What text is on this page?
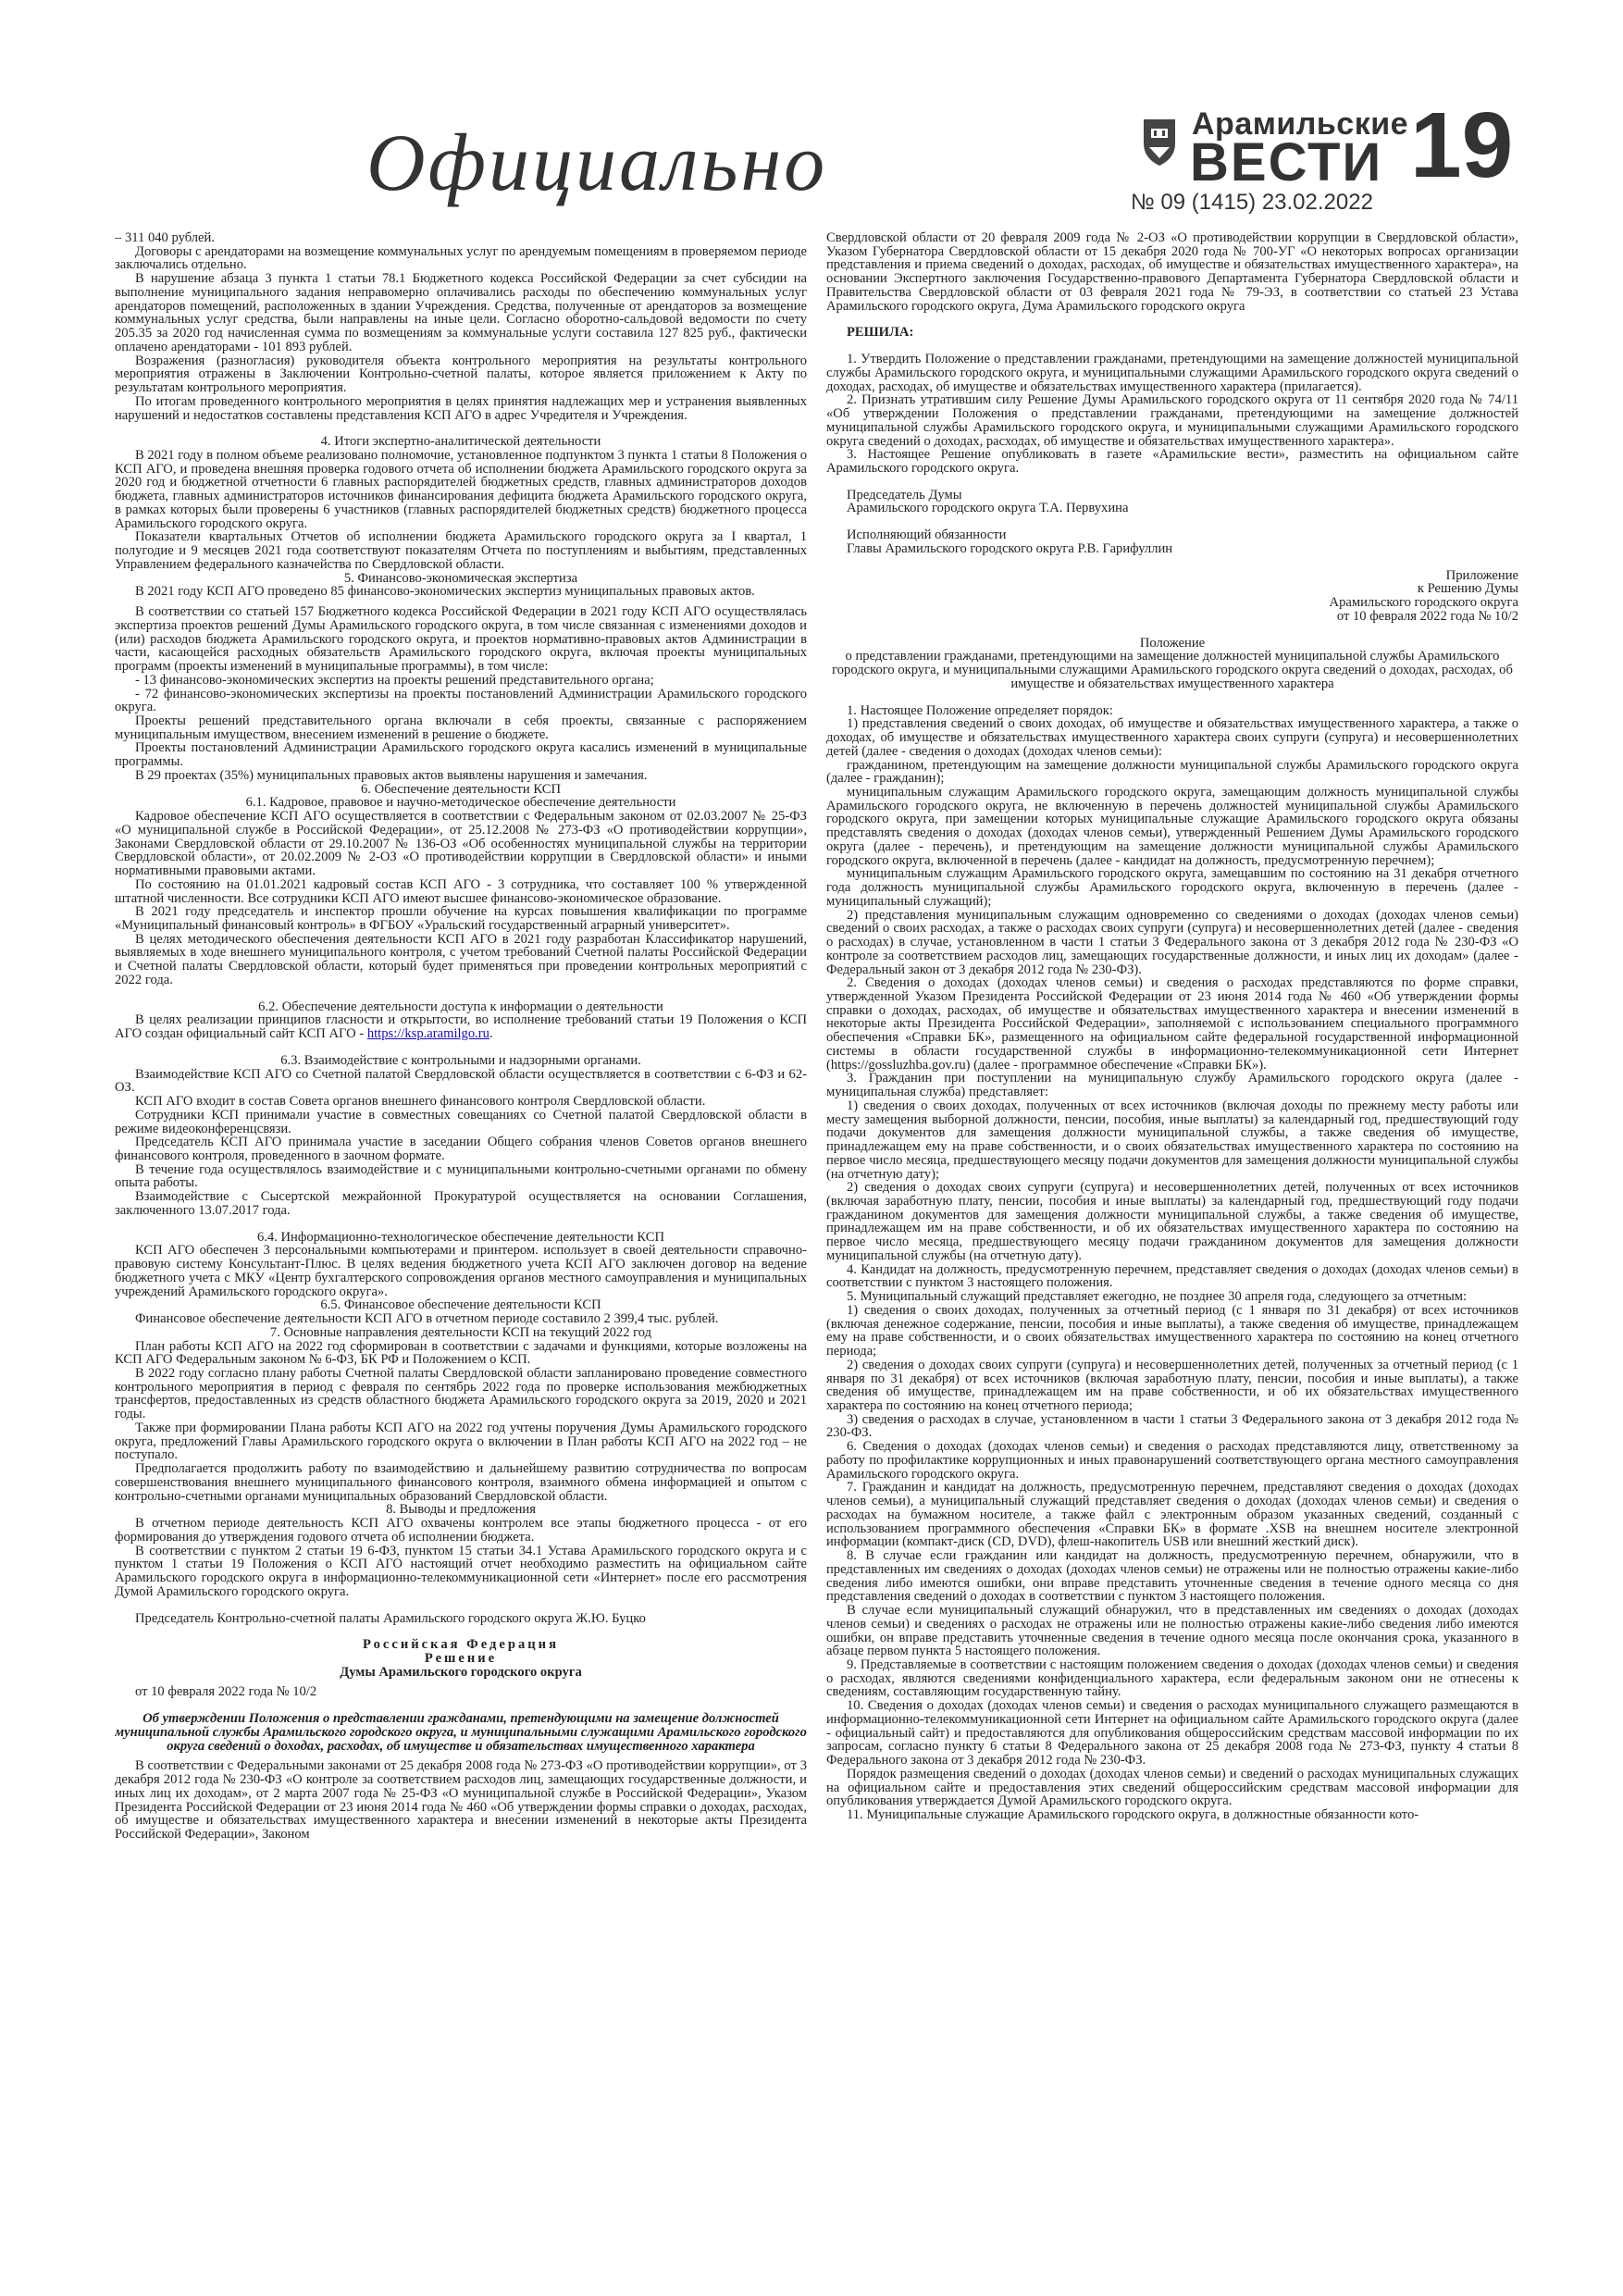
Официально	Арамильские
ВЕСТИ
№ 09 (1415) 23.02.2022
19

– 311 040 рублей.

Договоры с арендаторами на возмещение коммунальных услуг по арендуемым помещениям в проверяемом периоде заключались отдельно.

В нарушение абзаца 3 пункта 1 статьи 78.1 Бюджетного кодекса Российской Федерации за счет субсидии на выполнение муниципального задания неправомерно оплачивались расходы по обеспечению коммунальных услуг арендаторов помещений, расположенных в здании Учреждения. Средства, полученные от арендаторов за возмещение коммунальных услуг средства, были направлены на иные цели. Согласно оборотно-сальдовой ведомости по счету 205.35 за 2020 год начисленная сумма по возмещениям за коммунальные услуги составила 127 825 руб., фактически оплачено арендаторами - 101 893 рублей.

Возражения (разногласия) руководителя объекта контрольного мероприятия на результаты контрольного мероприятия отражены в Заключении Контрольно-счетной палаты, которое является приложением к Акту по результатам контрольного мероприятия.

По итогам проведенного контрольного мероприятия в целях принятия надлежащих мер и устранения выявленных нарушений и недостатков составлены представления КСП АГО в адрес Учредителя и Учреждения.

4. Итоги экспертно-аналитической деятельности

В 2021 году в полном объеме реализовано полномочие, установленное подпунктом 3 пункта 1 статьи 8 Положения о КСП АГО, и проведена внешняя проверка годового отчета об исполнении бюджета Арамильского городского округа за 2020 год и бюджетной отчетности 6 главных распорядителей бюджетных средств, главных администраторов доходов бюджета, главных администраторов источников финансирования дефицита бюджета Арамильского городского округа, в рамках которых были проверены 6 участников (главных распорядителей бюджетных средств) бюджетного процесса Арамильского городского округа.

Показатели квартальных Отчетов об исполнении бюджета Арамильского городского округа за I квартал, 1 полугодие и 9 месяцев 2021 года соответствуют показателям Отчета по поступлениям и выбытиям, представленных Управлением федерального казначейства по Свердловской области.

5. Финансово-экономическая экспертиза

В 2021 году КСП АГО проведено 85 финансово-экономических экспертиз муниципальных правовых актов.

В соответствии со статьей 157 Бюджетного кодекса Российской Федерации в 2021 году КСП АГО осуществлялась экспертиза проектов решений Думы Арамильского городского округа, в том числе связанная с изменениями доходов и (или) расходов бюджета Арамильского городского округа, и проектов нормативно-правовых актов Администрации в части, касающейся расходных обязательств Арамильского городского округа, включая проекты муниципальных программ (проекты изменений в муниципальные программы), в том числе:

- 13 финансово-экономических экспертиз на проекты решений представительного органа;

- 72 финансово-экономических экспертизы на проекты постановлений Администрации Арамильского городского округа.

Проекты решений представительного органа включали в себя проекты, связанные с распоряжением муниципальным имуществом, внесением изменений в решение о бюджете.

Проекты постановлений Администрации Арамильского городского округа касались изменений в муниципальные программы.

В 29 проектах (35%) муниципальных правовых актов выявлены нарушения и замечания.

6. Обеспечение деятельности КСП

6.1. Кадровое, правовое и научно-методическое обеспечение деятельности

Кадровое обеспечение КСП АГО осуществляется в соответствии с Федеральным законом от 02.03.2007 № 25-ФЗ «О муниципальной службе в Российской Федерации», от 25.12.2008 № 273-ФЗ «О противодействии коррупции», Законами Свердловской области от 29.10.2007 № 136-ОЗ «Об особенностях муниципальной службы на территории Свердловской области», от 20.02.2009 № 2-ОЗ «О противодействии коррупции в Свердловской области» и иными нормативными правовыми актами.

По состоянию на 01.01.2021 кадровый состав КСП АГО - 3 сотрудника, что составляет 100 % утвержденной штатной численности. Все сотрудники КСП АГО имеют высшее финансово-экономическое образование.

В 2021 году председатель и инспектор прошли обучение на курсах повышения квалификации по программе «Муниципальный финансовый контроль» в ФГБОУ «Уральский государственный аграрный университет».

В целях методического обеспечения деятельности КСП АГО в 2021 году разработан Классификатор нарушений, выявляемых в ходе внешнего муниципального контроля, с учетом требований Счетной палаты Российской Федерации и Счетной палаты Свердловской области, который будет применяться при проведении контрольных мероприятий с 2022 года.

6.2. Обеспечение деятельности доступа к информации о деятельности

В целях реализации принципов гласности и открытости, во исполнение требований статьи 19 Положения о КСП АГО создан официальный сайт КСП АГО - https://ksp.aramilgo.ru.

6.3. Взаимодействие с контрольными и надзорными органами.

Взаимодействие КСП АГО со Счетной палатой Свердловской области осуществляется в соответствии с 6-ФЗ и 62-ОЗ.

КСП АГО входит в состав Совета органов внешнего финансового контроля Свердловской области.

Сотрудники КСП принимали участие в совместных совещаниях со Счетной палатой Свердловской области в режиме видеоконференцсвязи.

Председатель КСП АГО принимала участие в заседании Общего собрания членов Советов органов внешнего финансового контроля, проведенного в заочном формате.

В течение года осуществлялось взаимодействие и с муниципальными контрольно-счетными органами по обмену опыта работы.

Взаимодействие с Сысертской межрайонной Прокуратурой осуществляется на основании Соглашения, заключенного 13.07.2017 года.

6.4. Информационно-технологическое обеспечение деятельности КСП

КСП АГО обеспечен 3 персональными компьютерами и принтером. использует в своей деятельности справочно-правовую систему Консультант-Плюс. В целях ведения бюджетного учета КСП АГО заключен договор на ведение бюджетного учета с МКУ «Центр бухгалтерского сопровождения органов местного самоуправления и муниципальных учреждений Арамильского городского округа».

6.5. Финансовое обеспечение деятельности КСП

Финансовое обеспечение деятельности КСП АГО в отчетном периоде составило 2 399,4 тыс. рублей.

7. Основные направления деятельности КСП на текущий 2022 год

План работы КСП АГО на 2022 год сформирован в соответствии с задачами и функциями, которые возложены на КСП АГО Федеральным законом № 6-ФЗ, БК РФ и Положением о КСП.

В 2022 году согласно плану работы Счетной палаты Свердловской области запланировано проведение совместного контрольного мероприятия в период с февраля по сентябрь 2022 года по проверке использования межбюджетных трансфертов, предоставленных из средств областного бюджета Арамильского городского округа за 2019, 2020 и 2021 годы.

Также при формировании Плана работы КСП АГО на 2022 год учтены поручения Думы Арамильского городского округа, предложений Главы Арамильского городского округа о включении в План работы КСП АГО на 2022 год – не поступало.

Предполагается продолжить работу по взаимодействию и дальнейшему развитию сотрудничества по вопросам совершенствования внешнего муниципального финансового контроля, взаимного обмена информацией и опытом с контрольно-счетными органами муниципальных образований Свердловской области.

8. Выводы и предложения

В отчетном периоде деятельность КСП АГО охвачены контролем все этапы бюджетного процесса - от его формирования до утверждения годового отчета об исполнении бюджета.

В соответствии с пунктом 2 статьи 19 6-ФЗ, пунктом 15 статьи 34.1 Устава Арамильского городского округа и с пунктом 1 статьи 19 Положения о КСП АГО настоящий отчет необходимо разместить на официальном сайте Арамильского городского округа в информационно-телекоммуникационной сети «Интернет» после его рассмотрения Думой Арамильского городского округа.

Председатель Контрольно-счетной палаты Арамильского городского округа Ж.Ю. Буцко

Российская Федерация

Решение

Думы Арамильского городского округа

от 10 февраля 2022 года № 10/2

Об утверждении Положения о представлении гражданами, претендующими на замещение должностей муниципальной службы Арамильского городского округа, и муниципальными служащими Арамильского городского округа сведений о доходах, расходах, об имуществе и обязательствах имущественного характера

В соответствии с Федеральными законами от 25 декабря 2008 года № 273-ФЗ «О противодействии коррупции», от 3 декабря 2012 года № 230-ФЗ «О контроле за соответствием расходов лиц, замещающих государственные должности, и иных лиц их доходам», от 2 марта 2007 года № 25-ФЗ «О муниципальной службе в Российской Федерации», Указом Президента Российской Федерации от 23 июня 2014 года № 460 «Об утверждении формы справки о доходах, расходах, об имуществе и обязательствах имущественного характера и внесении изменений в некоторые акты Президента Российской Федерации», Законом

Свердловской области от 20 февраля 2009 года № 2-ОЗ «О противодействии коррупции в Свердловской области», Указом Губернатора Свердловской области от 15 декабря 2020 года № 700-УГ «О некоторых вопросах организации представления и приема сведений о доходах, расходах, об имуществе и обязательствах имущественного характера», на основании Экспертного заключения Государственно-правового Департамента Губернатора Свердловской области и Правительства Свердловской области от 03 февраля 2021 года № 79-ЭЗ, в соответствии со статьей 23 Устава Арамильского городского округа, Дума Арамильского городского округа

РЕШИЛА:

1. Утвердить Положение о представлении гражданами, претендующими на замещение должностей муниципальной службы Арамильского городского округа, и муниципальными служащими Арамильского городского округа сведений о доходах, расходах, об имуществе и обязательствах имущественного характера (прилагается).

2. Признать утратившим силу Решение Думы Арамильского городского округа от 11 сентября 2020 года № 74/11 «Об утверждении Положения о представлении гражданами, претендующими на замещение должностей муниципальной службы Арамильского городского округа, и муниципальными служащими Арамильского городского округа сведений о доходах, расходах, об имуществе и обязательствах имущественного характера».

3. Настоящее Решение опубликовать в газете «Арамильские вести», разместить на официальном сайте Арамильского городского округа.

Председатель Думы

Арамильского городского округа Т.А. Первухина

Исполняющий обязанности

Главы Арамильского городского округа Р.В. Гарифуллин

Приложение

к Решению Думы

Арамильского городского округа

от 10 февраля 2022 года № 10/2

Положение

о представлении гражданами, претендующими на замещение должностей муниципальной службы Арамильского городского округа, и муниципальными служащими Арамильского городского округа сведений о доходах, расходах, об имуществе и обязательствах имущественного характера

1. Настоящее Положение определяет порядок:

1) представления сведений о своих доходах, об имуществе и обязательствах имущественного характера, а также о доходах, об имуществе и обязательствах имущественного характера своих супруги (супруга) и несовершеннолетних детей (далее - сведения о доходах (доходах членов семьи):

гражданином, претендующим на замещение должности муниципальной службы Арамильского городского округа (далее - гражданин);

муниципальным служащим Арамильского городского округа, замещающим должность муниципальной службы Арамильского городского округа, не включенную в перечень должностей муниципальной службы Арамильского городского округа, при замещении которых муниципальные служащие Арамильского городского округа обязаны представлять сведения о доходах (доходах членов семьи), утвержденный Решением Думы Арамильского городского округа (далее - перечень), и претендующим на замещение должности муниципальной службы Арамильского городского округа, включенной в перечень (далее - кандидат на должность, предусмотренную перечнем);

муниципальным служащим Арамильского городского округа, замещавшим по состоянию на 31 декабря отчетного года должность муниципальной службы Арамильского городского округа, включенную в перечень (далее - муниципальный служащий);

2) представления муниципальным служащим одновременно со сведениями о доходах (доходах членов семьи) сведений о своих расходах, а также о расходах своих супруги (супруга) и несовершеннолетних детей (далее - сведения о расходах) в случае, установленном в части 1 статьи 3 Федерального закона от 3 декабря 2012 года № 230-ФЗ «О контроле за соответствием расходов лиц, замещающих государственные должности, и иных лиц их доходам» (далее - Федеральный закон от 3 декабря 2012 года № 230-ФЗ).

2. Сведения о доходах (доходах членов семьи) и сведения о расходах представляются по форме справки, утвержденной Указом Президента Российской Федерации от 23 июня 2014 года № 460 «Об утверждении формы справки о доходах, расходах, об имуществе и обязательствах имущественного характера и внесении изменений в некоторые акты Президента Российской Федерации», заполняемой с использованием специального программного обеспечения «Справки БК», размещенного на официальном сайте федеральной государственной информационной системы в области государственной службы в информационно-телекоммуникационной сети Интернет (https://gossluzhba.gov.ru) (далее - программное обеспечение «Справки БК»).

3. Гражданин при поступлении на муниципальную службу Арамильского городского округа (далее - муниципальная служба) представляет:

1) сведения о своих доходах, полученных от всех источников (включая доходы по прежнему месту работы или месту замещения выборной должности, пенсии, пособия, иные выплаты) за календарный год, предшествующий году подачи документов для замещения должности муниципальной службы, а также сведения об имуществе, принадлежащем ему на праве собственности, и о своих обязательствах имущественного характера по состоянию на первое число месяца, предшествующего месяцу подачи документов для замещения должности муниципальной службы (на отчетную дату);

2) сведения о доходах своих супруги (супруга) и несовершеннолетних детей, полученных от всех источников (включая заработную плату, пенсии, пособия и иные выплаты) за календарный год, предшествующий году подачи гражданином документов для замещения должности муниципальной службы, а также сведения об имуществе, принадлежащем им на праве собственности, и об их обязательствах имущественного характера по состоянию на первое число месяца, предшествующего месяцу подачи гражданином документов для замещения должности муниципальной службы (на отчетную дату).

4. Кандидат на должность, предусмотренную перечнем, представляет сведения о доходах (доходах членов семьи) в соответствии с пунктом 3 настоящего положения.

5. Муниципальный служащий представляет ежегодно, не позднее 30 апреля года, следующего за отчетным:

1) сведения о своих доходах, полученных за отчетный период (с 1 января по 31 декабря) от всех источников (включая денежное содержание, пенсии, пособия и иные выплаты), а также сведения об имуществе, принадлежащем ему на праве собственности, и о своих обязательствах имущественного характера по состоянию на конец отчетного периода;

2) сведения о доходах своих супруги (супруга) и несовершеннолетних детей, полученных за отчетный период (с 1 января по 31 декабря) от всех источников (включая заработную плату, пенсии, пособия и иные выплаты), а также сведения об имуществе, принадлежащем им на праве собственности, и об их обязательствах имущественного характера по состоянию на конец отчетного периода;

3) сведения о расходах в случае, установленном в части 1 статьи 3 Федерального закона от 3 декабря 2012 года № 230-ФЗ.

6. Сведения о доходах (доходах членов семьи) и сведения о расходах представляются лицу, ответственному за работу по профилактике коррупционных и иных правонарушений соответствующего органа местного самоуправления Арамильского городского округа.

7. Гражданин и кандидат на должность, предусмотренную перечнем, представляют сведения о доходах (доходах членов семьи), а муниципальный служащий представляет сведения о доходах (доходах членов семьи) и сведения о расходах на бумажном носителе, а также файл с электронным образом указанных сведений, созданный с использованием программного обеспечения «Справки БК» в формате .XSB на внешнем носителе электронной информации (компакт-диск (CD, DVD), флеш-накопитель USB или внешний жесткий диск).

8. В случае если гражданин или кандидат на должность, предусмотренную перечнем, обнаружили, что в представленных им сведениях о доходах (доходах членов семьи) не отражены или не полностью отражены какие-либо сведения либо имеются ошибки, они вправе представить уточненные сведения в течение одного месяца со дня представления сведений о доходах в соответствии с пунктом 3 настоящего положения.

В случае если муниципальный служащий обнаружил, что в представленных им сведениях о доходах (доходах членов семьи) и сведениях о расходах не отражены или не полностью отражены какие-либо сведения либо имеются ошибки, он вправе представить уточненные сведения в течение одного месяца после окончания срока, указанного в абзаце первом пункта 5 настоящего положения.

9. Представляемые в соответствии с настоящим положением сведения о доходах (доходах членов семьи) и сведения о расходах, являются сведениями конфиденциального характера, если федеральным законом они не отнесены к сведениям, составляющим государственную тайну.

10. Сведения о доходах (доходах членов семьи) и сведения о расходах муниципального служащего размещаются в информационно-телекоммуникационной сети Интернет на официальном сайте Арамильского городского округа (далее - официальный сайт) и предоставляются для опубликования общероссийским средствам массовой информации по их запросам, согласно пункту 6 статьи 8 Федерального закона от 25 декабря 2008 года № 273-ФЗ, пункту 4 статьи 8 Федерального закона от 3 декабря 2012 года № 230-ФЗ.

Порядок размещения сведений о доходах (доходах членов семьи) и сведений о расходах муниципальных служащих на официальном сайте и предоставления этих сведений общероссийским средствам массовой информации для опубликования утверждается Думой Арамильского городского округа.

11. Муниципальные служащие Арамильского городского округа, в должностные обязанности кото-
